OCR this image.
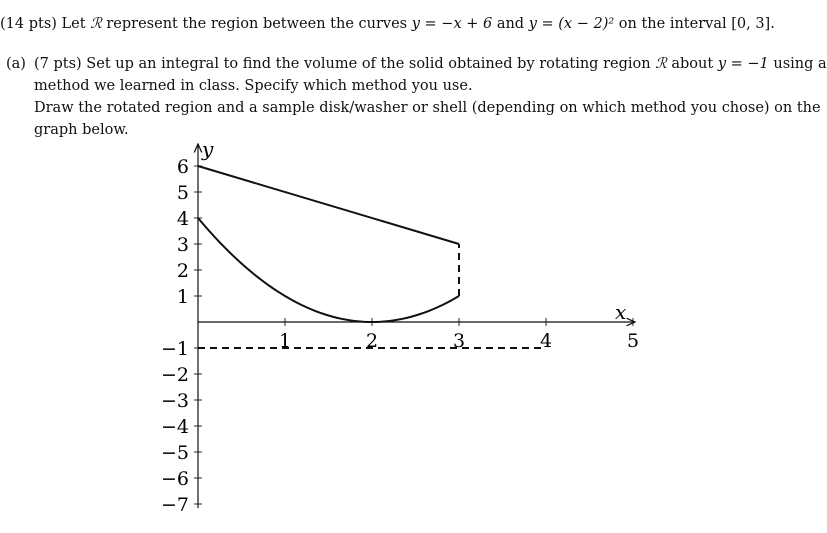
(14 pts) Let ℛ represent the region between the curves y = −x + 6 and y = (x − 2)² on the interval [0, 3].
(a) (7 pts) Set up an integral to find the volume of the solid obtained by rotating region ℛ about y = −1 using a
method we learned in class. Specify which method you use.
Draw the rotated region and a sample disk/washer or shell (depending on which method you chose) on the
graph below.
1	2	3	4	5
6
5
4
3
2
1
−1
−2
−3
−4
−5
−6
−7
x
y
